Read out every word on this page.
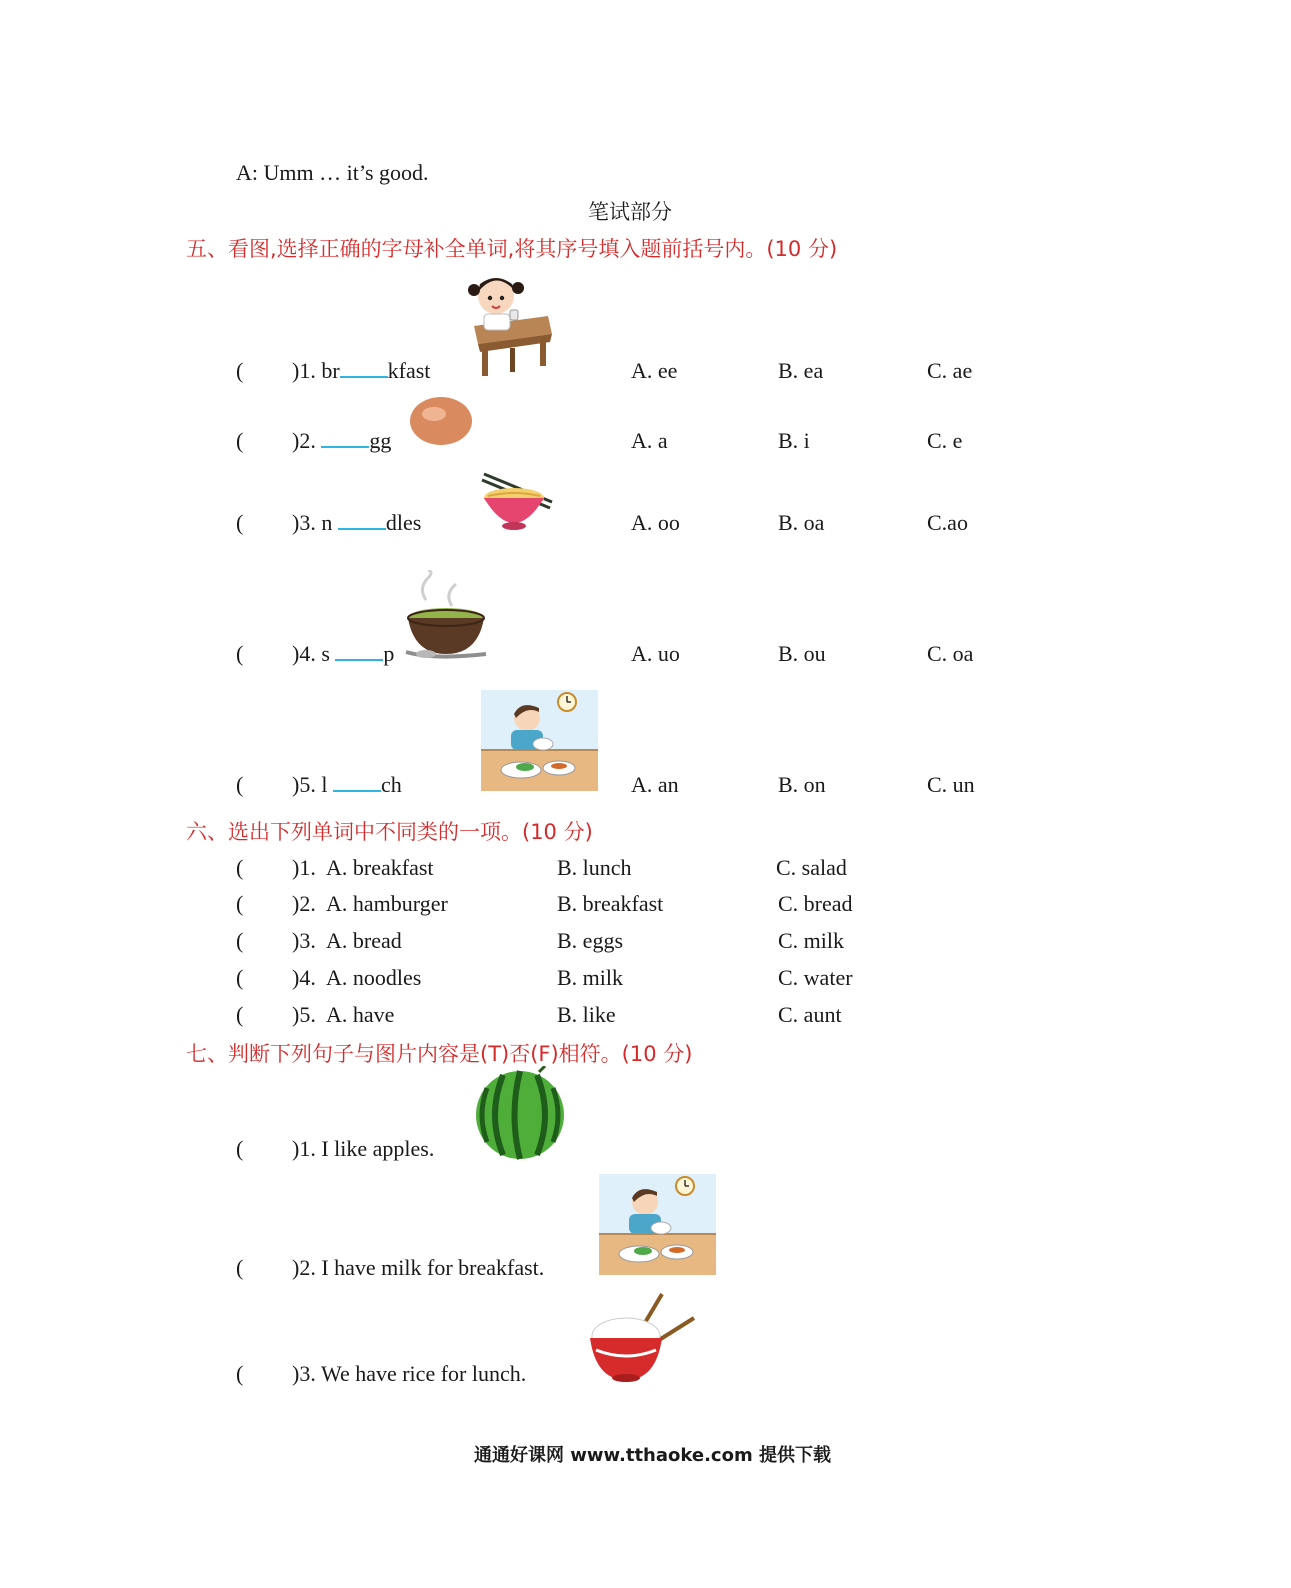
A: Umm … it’s good.
笔试部分
五、看图,选择正确的字母补全单词,将其序号填入题前括号内。(10 分)
( )1. br kfast	A. ee	B. ea	C. ae
( )2. gg	A. a	B. i	C. e
( )3. n dles	A. oo	B. oa	C.ao
( )4. s p	A. uo	B. ou	C. oa
( )5. l ch	A. an	B. on	C. un
六、选出下列单词中不同类的一项。(10 分)
( )1. A. breakfast	B. lunch	C. salad
( )2. A. hamburger	B. breakfast	C. bread
( )3. A. bread	B. eggs	C. milk
( )4. A. noodles	B. milk	C. water
( )5. A. have	B. like	C. aunt
七、判断下列句子与图片内容是(T)否(F)相符。(10 分)
( )1. I like apples.
( )2. I have milk for breakfast.
( )3. We have rice for lunch.
通通好课网 www.tthaoke.com 提供下载
